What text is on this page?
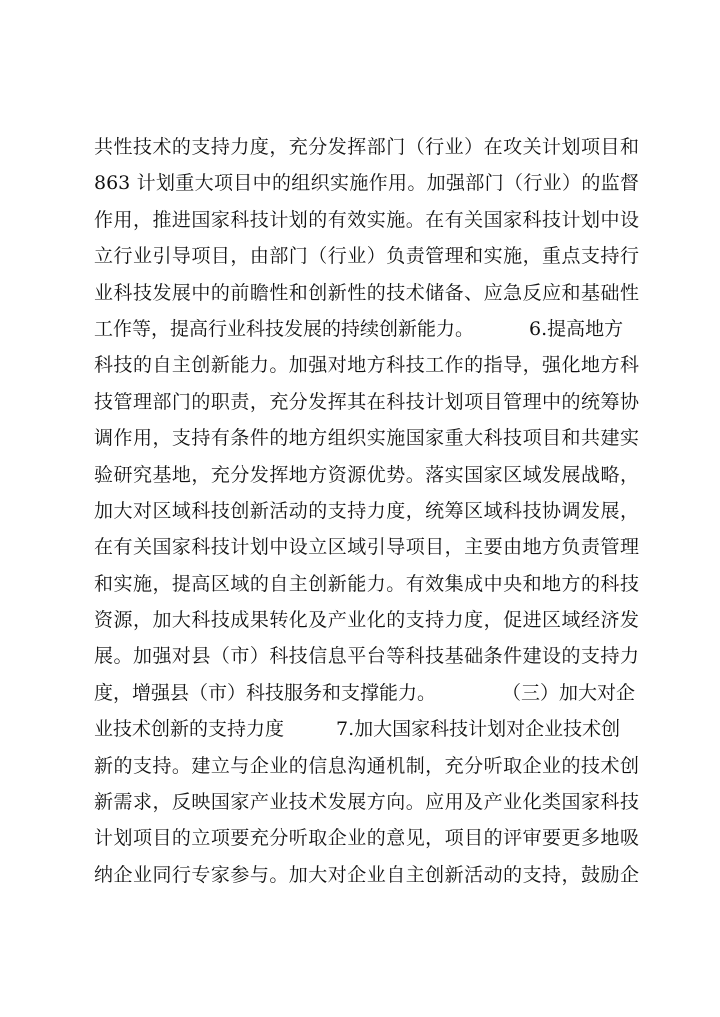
共性技术的支持力度，充分发挥部门（行业）在攻关计划项目和
863 计划重大项目中的组织实施作用。加强部门（行业）的监督
作用，推进国家科技计划的有效实施。在有关国家科技计划中设
立行业引导项目，由部门（行业）负责管理和实施，重点支持行
业科技发展中的前瞻性和创新性的技术储备、应急反应和基础性
工作等，提高行业科技发展的持续创新能力。	6.提高地方
科技的自主创新能力。加强对地方科技工作的指导，强化地方科
技管理部门的职责，充分发挥其在科技计划项目管理中的统筹协
调作用，支持有条件的地方组织实施国家重大科技项目和共建实
验研究基地，充分发挥地方资源优势。落实国家区域发展战略，
加大对区域科技创新活动的支持力度，统筹区域科技协调发展，
在有关国家科技计划中设立区域引导项目，主要由地方负责管理
和实施，提高区域的自主创新能力。有效集成中央和地方的科技
资源，加大科技成果转化及产业化的支持力度，促进区域经济发
展。加强对县（市）科技信息平台等科技基础条件建设的支持力
度，增强县（市）科技服务和支撑能力。	（三）加大对企
业技术创新的支持力度	7.加大国家科技计划对企业技术创
新的支持。建立与企业的信息沟通机制，充分听取企业的技术创
新需求，反映国家产业技术发展方向。应用及产业化类国家科技
计划项目的立项要充分听取企业的意见，项目的评审要更多地吸
纳企业同行专家参与。加大对企业自主创新活动的支持，鼓励企
